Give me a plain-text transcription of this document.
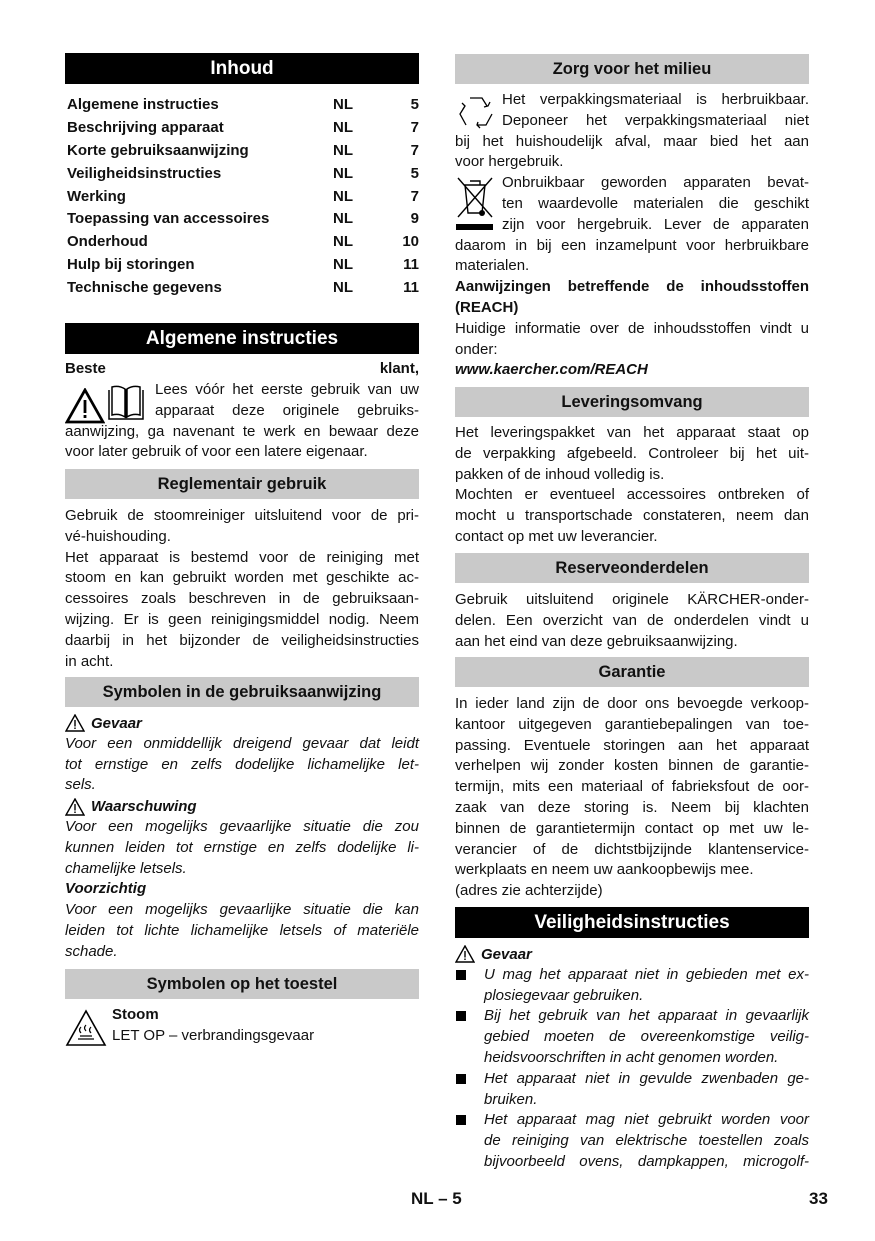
Inhoud
Algemene instructies	NL	5
Beschrijving apparaat	NL	7
Korte gebruiksaanwijzing	NL	7
Veiligheidsinstructies	NL	5
Werking	NL	7
Toepassing van accessoires	NL	9
Onderhoud	NL	10
Hulp bij storingen	NL	11
Technische gegevens	NL	11
Algemene instructies
Beste klant,
Lees vóór het eerste gebruik van uw
apparaat deze originele gebruiks-
aanwijzing, ga navenant te werk en bewaar deze
voor later gebruik of voor een latere eigenaar.
Reglementair gebruik
Gebruik de stoomreiniger uitsluitend voor de pri-
vé-huishouding.
Het apparaat is bestemd voor de reiniging met
stoom en kan gebruikt worden met geschikte ac-
cessoires zoals beschreven in de gebruiksaan-
wijzing. Er is geen reinigingsmiddel nodig. Neem
daarbij in het bijzonder de veiligheidsinstructies
in acht.
Symbolen in de gebruiksaanwijzing
Gevaar
Voor een onmiddellijk dreigend gevaar dat leidt
tot ernstige en zelfs dodelijke lichamelijke let-
sels.
Waarschuwing
Voor een mogelijks gevaarlijke situatie die zou
kunnen leiden tot ernstige en zelfs dodelijke li-
chamelijke letsels.
Voorzichtig
Voor een mogelijks gevaarlijke situatie die kan
leiden tot lichte lichamelijke letsels of materiële
schade.
Symbolen op het toestel
Stoom
LET OP – verbrandingsgevaar
Zorg voor het milieu
Het verpakkingsmateriaal is herbruikbaar.
Deponeer het verpakkingsmateriaal niet
bij het huishoudelijk afval, maar bied het aan
voor hergebruik.
Onbruikbaar geworden apparaten bevat-
ten waardevolle materialen die geschikt
zijn voor hergebruik. Lever de apparaten
daarom in bij een inzamelpunt voor herbruikbare
materialen.
Aanwijzingen betreffende de inhoudsstoffen
(REACH)
Huidige informatie over de inhoudsstoffen vindt u
onder:
www.kaercher.com/REACH
Leveringsomvang
Het leveringspakket van het apparaat staat op
de verpakking afgebeeld. Controleer bij het uit-
pakken of de inhoud volledig is.
Mochten er eventueel accessoires ontbreken of
mocht u transportschade constateren, neem dan
contact op met uw leverancier.
Reserveonderdelen
Gebruik uitsluitend originele KÄRCHER-onder-
delen. Een overzicht van de onderdelen vindt u
aan het eind van deze gebruiksaanwijzing.
Garantie
In ieder land zijn de door ons bevoegde verkoop-
kantoor uitgegeven garantiebepalingen van toe-
passing. Eventuele storingen aan het apparaat
verhelpen wij zonder kosten binnen de garantie-
termijn, mits een materiaal of fabrieksfout de oor-
zaak van deze storing is. Neem bij klachten
binnen de garantietermijn contact op met uw le-
verancier of de dichtstbijzijnde klantenservice-
werkplaats en neem uw aankoopbewijs mee.
(adres zie achterzijde)
Veiligheidsinstructies
Gevaar
U mag het apparaat niet in gebieden met ex-
plosiegevaar gebruiken.
Bij het gebruik van het apparaat in gevaarlijk
gebied moeten de overeenkomstige veilig-
heidsvoorschriften in acht genomen worden.
Het apparaat niet in gevulde zwenbaden ge-
bruiken.
Het apparaat mag niet gebruikt worden voor
de reiniging van elektrische toestellen zoals
bijvoorbeeld ovens, dampkappen, microgolf-
NL – 5	33
